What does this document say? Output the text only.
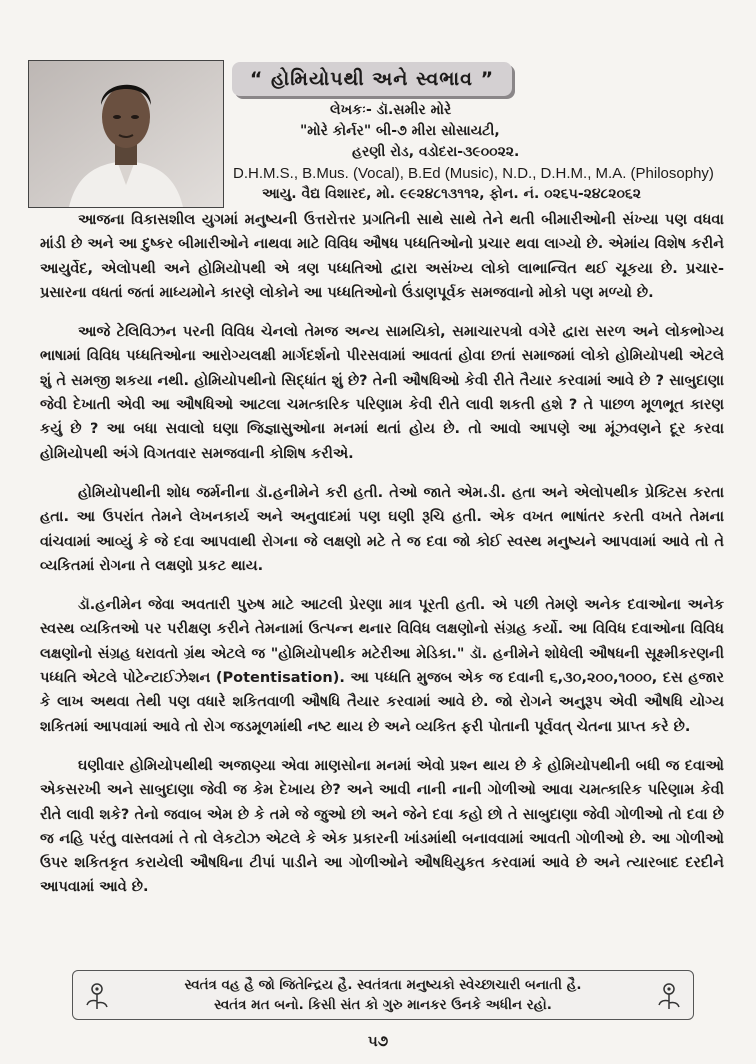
“ હોમિયોપથી અને સ્વભાવ ”
લેખકઃ- ડૉ.સમીર મોરે
"મોરે કોર્નર" બી-૭ મીરા સોસાયટી,
હરણી રોડ, વડોદરા-૩૯૦૦૨૨.
D.H.M.S., B.Mus. (Vocal), B.Ed (Music), N.D., D.H.M., M.A. (Philosophy)
આયુ. વૈદ્ય વિશારદ, મો. ૯૯૨૪૮૧૩૧૧૨, ફોન. નં. ૦૨૬૫-૨૪૮૨૦૬૨

આજના વિકાસશીલ યુગમાં મનુષ્યની ઉત્તરોત્તર પ્રગતિની સાથે સાથે તેને થતી બીમારીઓની સંખ્યા પણ વધવા માંડી છે અને આ દુષ્કર બીમારીઓને નાથવા માટે વિવિધ ઔષધ પધ્ધતિઓનો પ્રચાર થવા લાગ્યો છે. એમાંય વિશેષ કરીને આયુર્વેદ, એલોપથી અને હોમિયોપથી એ ત્રણ પધ્ધતિઓ દ્વારા અસંખ્ય લોકો લાભાન્વિત થઈ ચૂકયા છે. પ્રચાર-પ્રસારના વધતાં જતાં માધ્યમોને કારણે લોકોને આ પધ્ધતિઓનો ઉંડાણપૂર્વક સમજવાનો મોકો પણ મળ્યો છે.

આજે ટેલિવિઝન પરની વિવિધ ચેનલો તેમજ અન્ય સામયિકો, સમાચારપત્રો વગેરે દ્વારા સરળ અને લોકભોગ્ય ભાષામાં વિવિધ પધ્ધતિઓના આરોગ્યલક્ષી માર્ગદર્શનો પીરસવામાં આવતાં હોવા છતાં સમાજમાં લોકો હોમિયોપથી એટલે શું તે સમજી શકયા નથી. હોમિયોપથીનો સિદ્ધાંત શું છે? તેની ઔષધિઓ કેવી રીતે તૈયાર કરવામાં આવે છે ? સાબુદાણા જેવી દેખાતી એવી આ ઔષધિઓ આટલા ચમત્કારિક પરિણામ કેવી રીતે લાવી શકતી હશે ? તે પાછળ મૂળભૂત કારણ કયું છે ? આ બધા સવાલો ઘણા જિજ્ઞાસુઓના મનમાં થતાં હોય છે. તો આવો આપણે આ મૂંઝવણને દૂર કરવા હોમિયોપથી અંગે વિગતવાર સમજવાની કોશિષ કરીએ.

હોમિયોપથીની શોધ જર્મનીના ડૉ.હનીમેને કરી હતી. તેઓ જાતે એમ.ડી. હતા અને એલોપથીક પ્રેક્ટિસ કરતા હતા. આ ઉપરાંત તેમને લેખનકાર્ય અને અનુવાદમાં પણ ઘણી રૂચિ હતી. એક વખત ભાષાંતર કરતી વખતે તેમના વાંચવામાં આવ્યું કે જે દવા આપવાથી રોગના જે લક્ષણો મટે તે જ દવા જો કોઈ સ્વસ્થ મનુષ્યને આપવામાં આવે તો તે વ્યકિતમાં રોગના તે લક્ષણો પ્રકટ થાય.

ડૉ.હનીમેન જેવા અવતારી પુરુષ માટે આટલી પ્રેરણા માત્ર પૂરતી હતી. એ પછી તેમણે અનેક દવાઓના અનેક સ્વસ્થ વ્યકિતઓ પર પરીક્ષણ કરીને તેમનામાં ઉત્પન્ન થનાર વિવિધ લક્ષણોનો સંગ્રહ કર્યો. આ વિવિધ દવાઓના વિવિધ લક્ષણોનો સંગ્રહ ધરાવતો ગ્રંથ એટલે જ "હોમિયોપથીક મટેરીઆ મેડિકા." ડૉ. હનીમેને શોધેલી ઔષધની સૂક્ષ્મીકરણની પધ્ધતિ એટલે પોટેન્ટાઈઝેશન (Potentisation). આ પધ્ધતિ મુજબ એક જ દવાની ૬,૩૦,૨૦૦,૧૦૦૦, દસ હજાર કે લાખ અથવા તેથી પણ વધારે શકિતવાળી ઔષધિ તૈયાર કરવામાં આવે છે. જો રોગને અનુરૂપ એવી ઔષધિ યોગ્ય શકિતમાં આપવામાં આવે તો રોગ જડમૂળમાંથી નષ્ટ થાય છે અને વ્યકિત ફરી પોતાની પૂર્વવત્ ચેતના પ્રાપ્ત કરે છે.

ઘણીવાર હોમિયોપથીથી અજાણ્યા એવા માણસોના મનમાં એવો પ્રશ્ન થાય છે કે હોમિયોપથીની બધી જ દવાઓ એકસરખી અને સાબુદાણા જેવી જ કેમ દેખાય છે? અને આવી નાની નાની ગોળીઓ આવા ચમત્કારિક પરિણામ કેવી રીતે લાવી શકે? તેનો જવાબ એમ છે કે તમે જે જુઓ છો અને જેને દવા કહો છો તે સાબુદાણા જેવી ગોળીઓ તો દવા છે જ નહિ પરંતુ વાસ્તવમાં તે તો લેકટોઝ એટલે કે એક પ્રકારની ખાંડમાંથી બનાવવામાં આવતી ગોળીઓ છે. આ ગોળીઓ ઉપર શકિતકૃત કરાયેલી ઔષધિના ટીપાં પાડીને આ ગોળીઓને ઔષધિયુકત કરવામાં આવે છે અને ત્યારબાદ દરદીને આપવામાં આવે છે.

સ્વતંત્ર વહ હૈ જો જિતેન્દ્રિય હૈ. સ્વતંત્રતા મનુષ્યકો સ્વેચ્છાચારી બનાતી હૈ.
સ્વતંત્ર મત બનો. કિસી સંત કો ગુરુ માનકર ઉનકે અધીન રહો.
૫૭
